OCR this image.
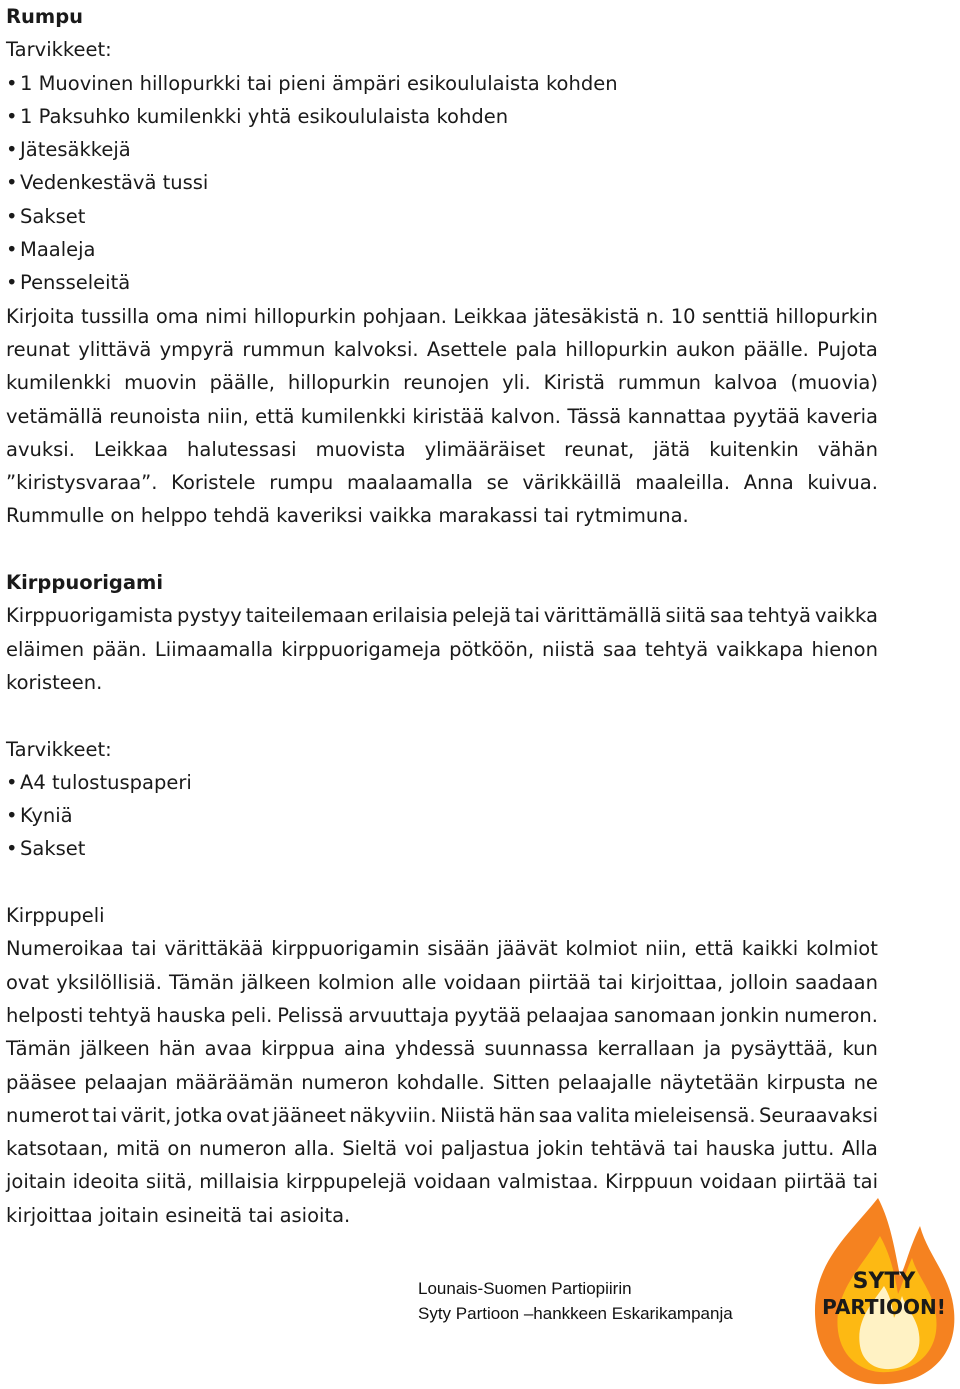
Rumpu
Tarvikkeet:
• 1 Muovinen hillopurkki tai pieni ämpäri esikoululaista kohden
• 1 Paksuhko kumilenkki yhtä esikoululaista kohden
• Jätesäkkejä
• Vedenkestävä tussi
• Sakset
• Maaleja
• Pensseleitä
Kirjoita tussilla oma nimi hillopurkin pohjaan. Leikkaa jätesäkistä n. 10 senttiä hillopurkin
reunat ylittävä ympyrä rummun kalvoksi. Asettele pala hillopurkin aukon päälle. Pujota
kumilenkki muovin päälle, hillopurkin reunojen yli. Kiristä rummun kalvoa (muovia)
vetämällä reunoista niin, että kumilenkki kiristää kalvon. Tässä kannattaa pyytää kaveria
avuksi. Leikkaa halutessasi muovista ylimääräiset reunat, jätä kuitenkin vähän
”kiristysvaraa”. Koristele rumpu maalaamalla se värikkäillä maaleilla. Anna kuivua.
Rummulle on helppo tehdä kaveriksi vaikka marakassi tai rytmimuna.
Kirppuorigami
Kirppuorigamista pystyy taiteilemaan erilaisia pelejä tai värittämällä siitä saa tehtyä vaikka
eläimen pään. Liimaamalla kirppuorigameja pötköön, niistä saa tehtyä vaikkapa hienon
koristeen.
Tarvikkeet:
• A4 tulostuspaperi
• Kyniä
• Sakset
Kirppupeli
Numeroikaa tai värittäkää kirppuorigamin sisään jäävät kolmiot niin, että kaikki kolmiot
ovat yksilöllisiä. Tämän jälkeen kolmion alle voidaan piirtää tai kirjoittaa, jolloin saadaan
helposti tehtyä hauska peli. Pelissä arvuuttaja pyytää pelaajaa sanomaan jonkin numeron.
Tämän jälkeen hän avaa kirppua aina yhdessä suunnassa kerrallaan ja pysäyttää, kun
pääsee pelaajan määräämän numeron kohdalle. Sitten pelaajalle näytetään kirpusta ne
numerot tai värit, jotka ovat jääneet näkyviin. Niistä hän saa valita mieleisensä. Seuraavaksi
katsotaan, mitä on numeron alla. Sieltä voi paljastua jokin tehtävä tai hauska juttu. Alla
joitain ideoita siitä, millaisia kirppupelejä voidaan valmistaa. Kirppuun voidaan piirtää tai
kirjoittaa joitain esineitä tai asioita.
SYTY
PARTIOON!
Lounais-Suomen Partiopiirin
Syty Partioon –hankkeen Eskarikampanja
